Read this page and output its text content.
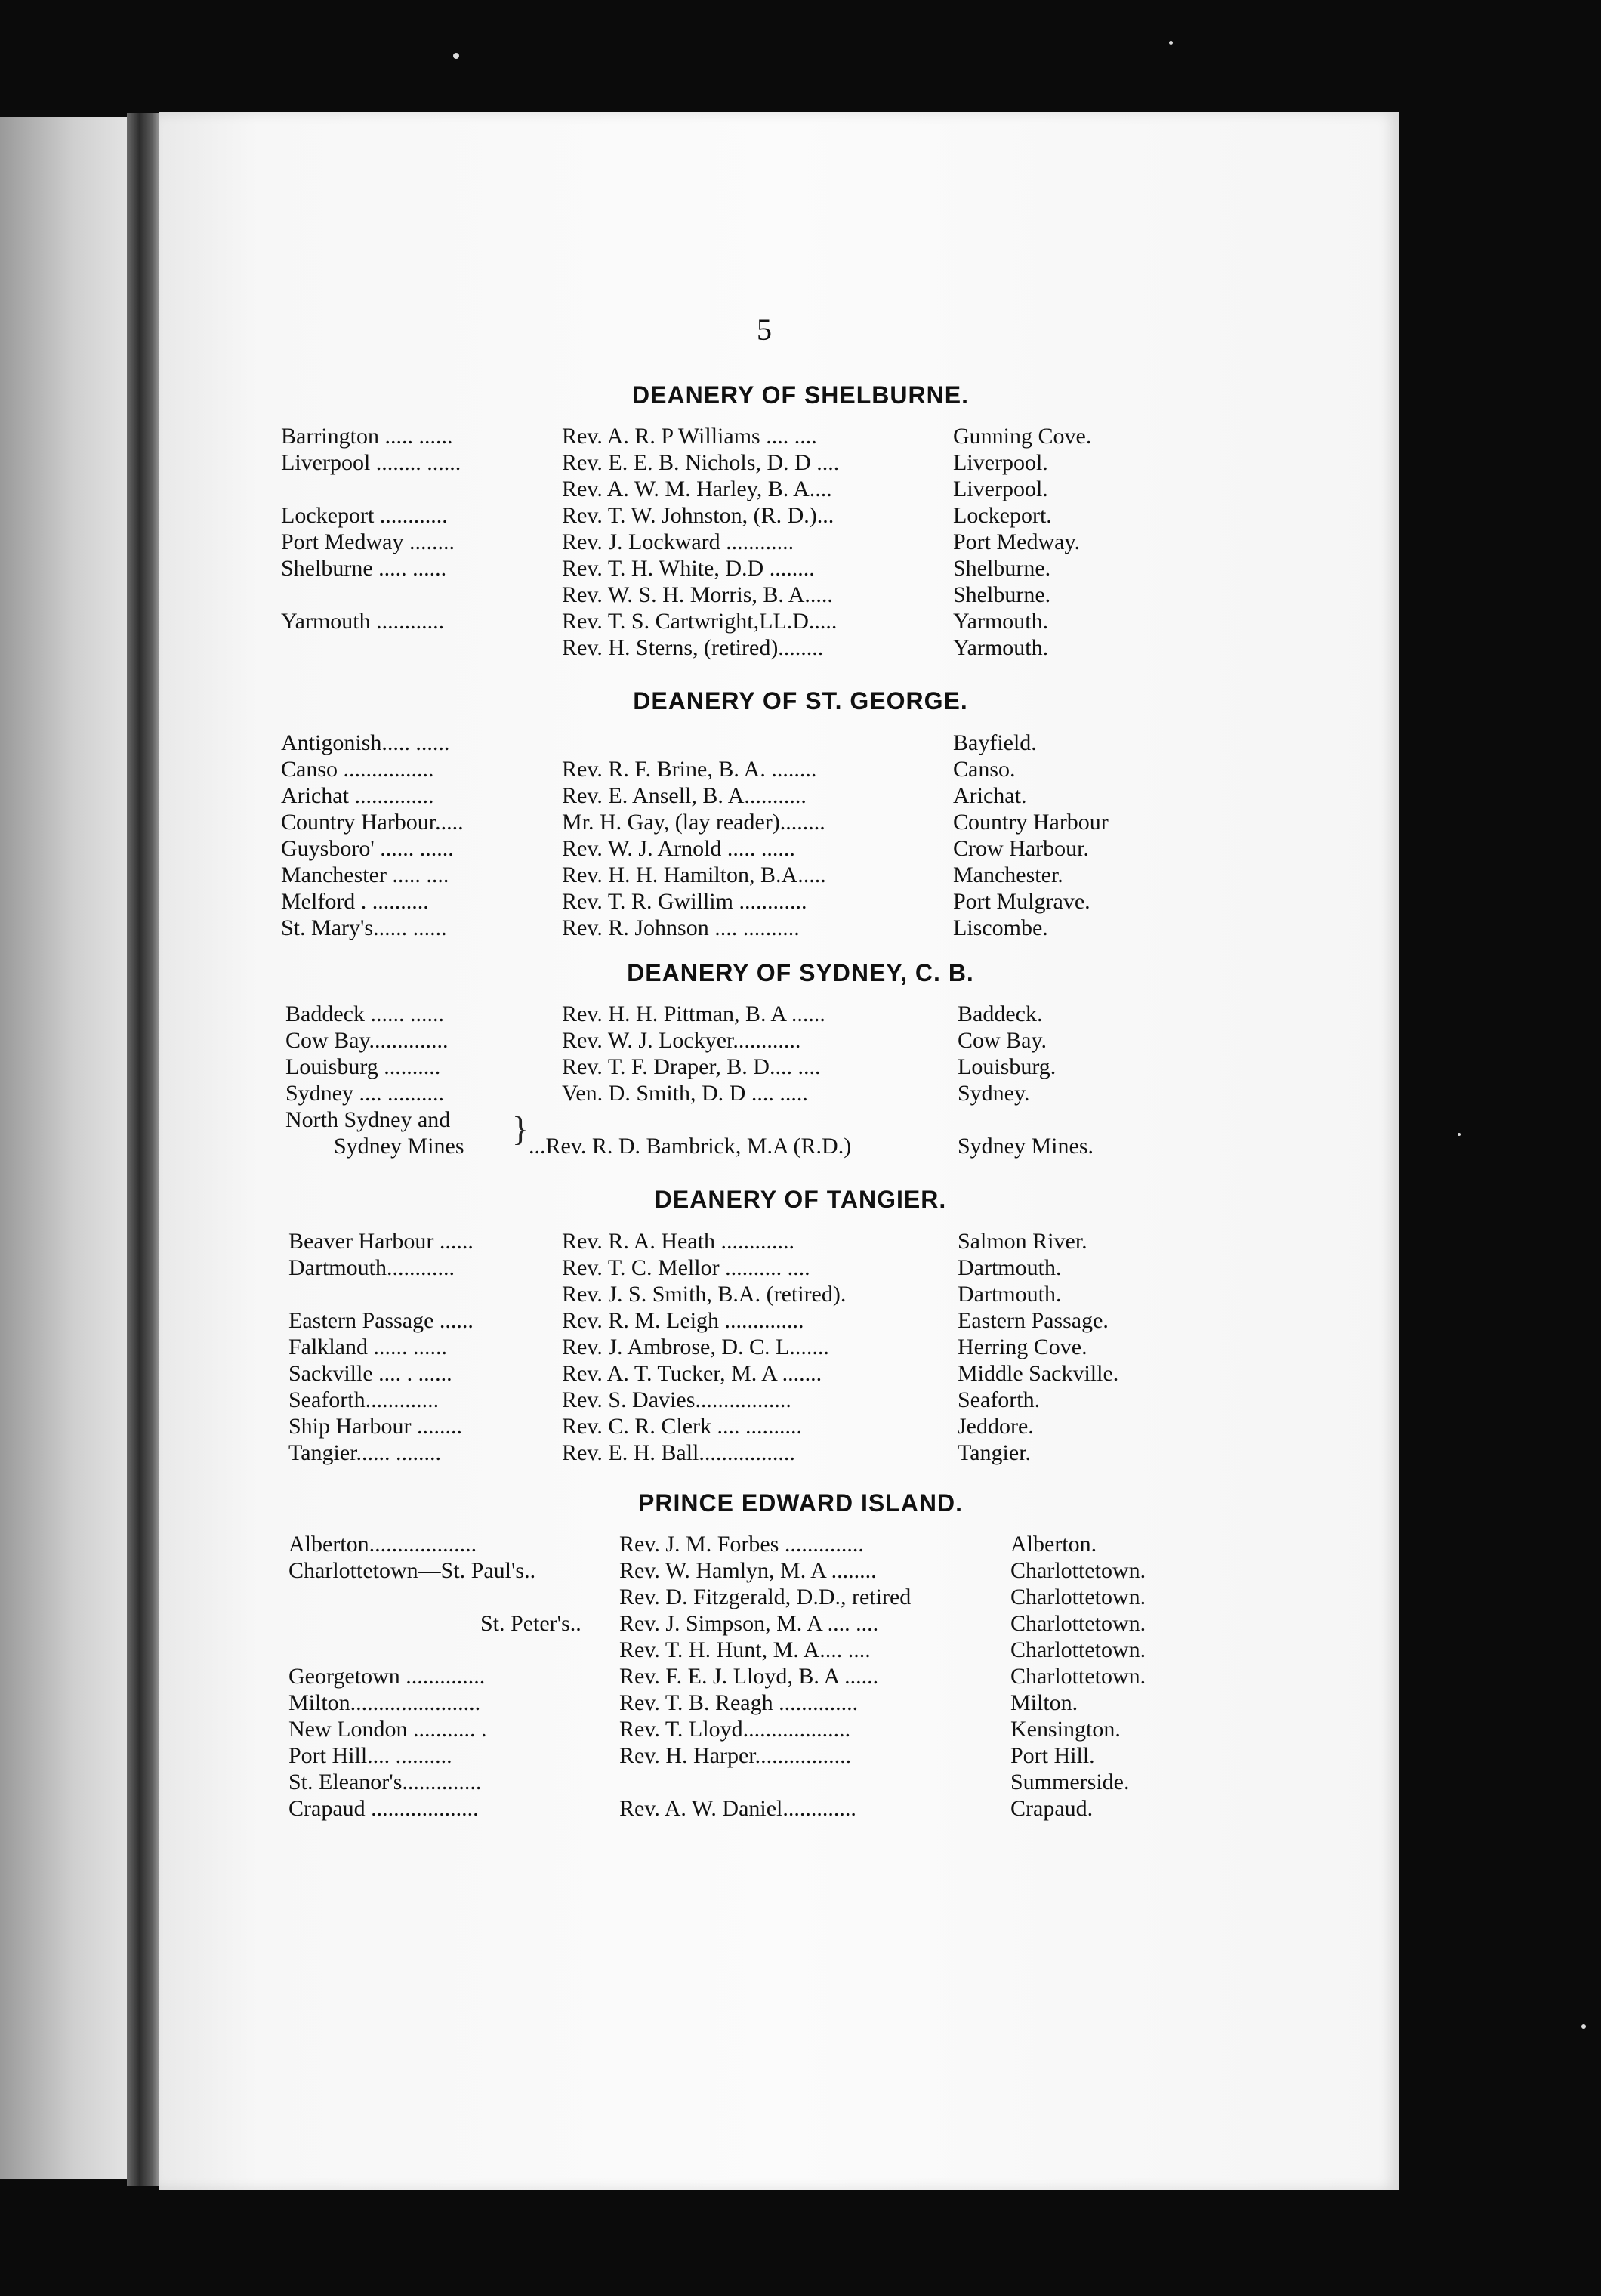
5
DEANERY OF SHELBURNE.
Barrington ..... ......	Rev. A. R. P Williams .... ....	Gunning Cove.
Liverpool ........ ......	Rev. E. E. B. Nichols, D. D ....	Liverpool.
Rev. A. W. M. Harley, B. A....	Liverpool.
Lockeport ............	Rev. T. W. Johnston, (R. D.)...	Lockeport.
Port Medway ........	Rev. J. Lockward ............	Port Medway.
Shelburne ..... ......	Rev. T. H. White, D.D ........	Shelburne.
Rev. W. S. H. Morris, B. A.....	Shelburne.
Yarmouth ............	Rev. T. S. Cartwright,LL.D.....	Yarmouth.
Rev. H. Sterns, (retired)........	Yarmouth.
DEANERY OF ST. GEORGE.
Antigonish..... ......	Bayfield.
Canso ................	Rev. R. F. Brine, B. A. ........	Canso.
Arichat ..............	Rev. E. Ansell, B. A...........	Arichat.
Country Harbour.....	Mr. H. Gay, (lay reader)........	Country Harbour
Guysboro' ...... ......	Rev. W. J. Arnold ..... ......	Crow Harbour.
Manchester ..... ....	Rev. H. H. Hamilton, B.A.....	Manchester.
Melford . ..........	Rev. T. R. Gwillim ............	Port Mulgrave.
St. Mary's...... ......	Rev. R. Johnson .... ..........	Liscombe.
DEANERY OF SYDNEY, C. B.
Baddeck ...... ......	Rev. H. H. Pittman, B. A ......	Baddeck.
Cow Bay..............	Rev. W. J. Lockyer............	Cow Bay.
Louisburg ..........	Rev. T. F. Draper, B. D.... ....	Louisburg.
Sydney .... ..........	Ven. D. Smith, D. D .... .....	Sydney.
North Sydney and }
Sydney Mines	...Rev. R. D. Bambrick, M.A (R.D.)	Sydney Mines.
DEANERY OF TANGIER.
Beaver Harbour ......	Rev. R. A. Heath .............	Salmon River.
Dartmouth............	Rev. T. C. Mellor .......... ....	Dartmouth.
Rev. J. S. Smith, B.A. (retired).	Dartmouth.
Eastern Passage ......	Rev. R. M. Leigh ..............	Eastern Passage.
Falkland ...... ......	Rev. J. Ambrose, D. C. L.......	Herring Cove.
Sackville .... . ......	Rev. A. T. Tucker, M. A .......	Middle Sackville.
Seaforth.............	Rev. S. Davies.................	Seaforth.
Ship Harbour ........	Rev. C. R. Clerk .... ..........	Jeddore.
Tangier...... ........	Rev. E. H. Ball.................	Tangier.
PRINCE EDWARD ISLAND.
Alberton...................	Rev. J. M. Forbes ..............	Alberton.
Charlottetown—St. Paul's..	Rev. W. Hamlyn, M. A ........	Charlottetown.
Rev. D. Fitzgerald, D.D., retired	Charlottetown.
St. Peter's.. Rev. J. Simpson, M. A .... ....	Charlottetown.
Rev. T. H. Hunt, M. A.... ....	Charlottetown.
Georgetown ..............	Rev. F. E. J. Lloyd, B. A ......	Charlottetown.
Milton.......................	Rev. T. B. Reagh ..............	Milton.
New London ........... .	Rev. T. Lloyd...................	Kensington.
Port Hill.... ..........	Rev. H. Harper.................	Port Hill.
St. Eleanor's..............	Summerside.
Crapaud ...................	Rev. A. W. Daniel.............	Crapaud.
